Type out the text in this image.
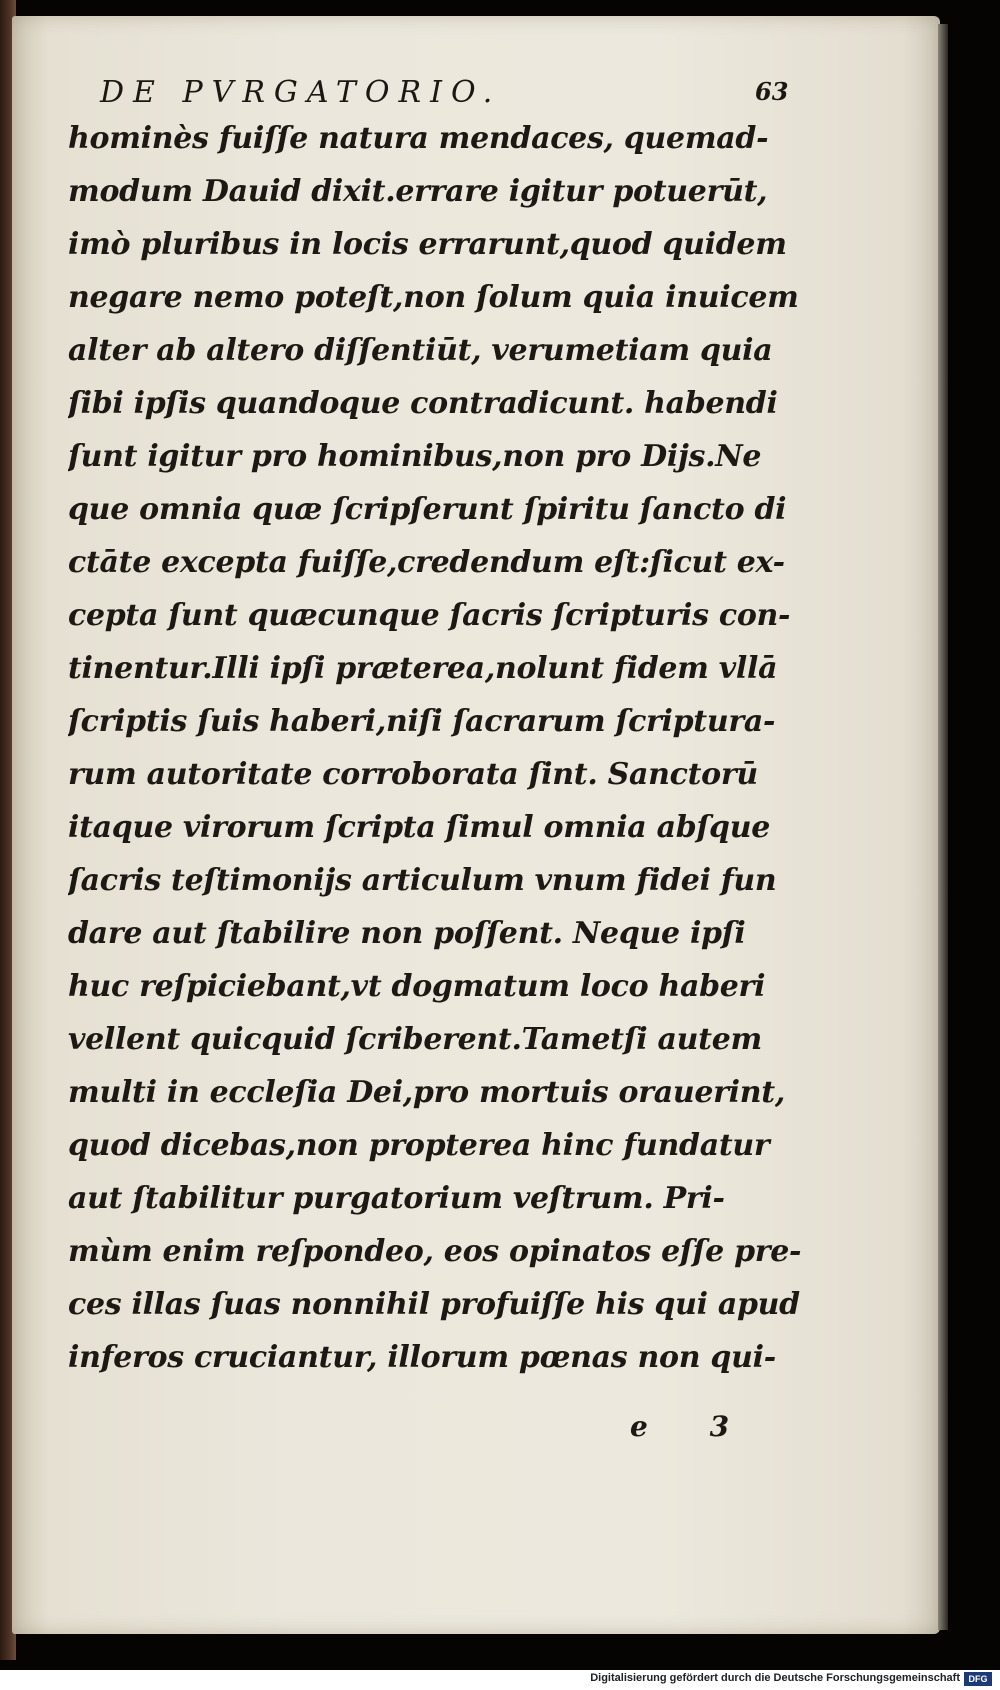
DE PVRGATORIO.	63
hominès fuiſſe natura mendaces, quemad-
modum Dauid dixit.errare igitur potuerūt,
imò pluribus in locis errarunt,quod quidem
negare nemo poteſt,non ſolum quia inuicem
alter ab altero diſſentiūt, verumetiam quia
ſibi ipſis quandoque contradicunt. habendi
ſunt igitur pro hominibus,non pro Dijs.Ne
que omnia quæ ſcripſerunt ſpiritu ſancto di
ctāte excepta fuiſſe,credendum eſt:ſicut ex-
cepta ſunt quæcunque ſacris ſcripturis con-
tinentur.Illi ipſi præterea,nolunt fidem vllā
ſcriptis ſuis haberi,niſi ſacrarum ſcriptura-
rum autoritate corroborata ſint. Sanctorū
itaque virorum ſcripta ſimul omnia abſque
ſacris teſtimonijs articulum vnum fidei fun
dare aut ſtabilire non poſſent. Neque ipſi
huc reſpiciebant,vt dogmatum loco haberi
vellent quicquid ſcriberent.Tametſi autem
multi in eccleſia Dei,pro mortuis orauerint,
quod dicebas,non propterea hinc fundatur
aut ſtabilitur purgatorium veſtrum. Pri-
mùm enim reſpondeo, eos opinatos eſſe pre-
ces illas ſuas nonnihil profuiſſe his qui apud
inferos cruciantur, illorum pœnas non qui-
e 3
Digitalisierung gefördert durch die Deutsche Forschungsgemeinschaft DFG
